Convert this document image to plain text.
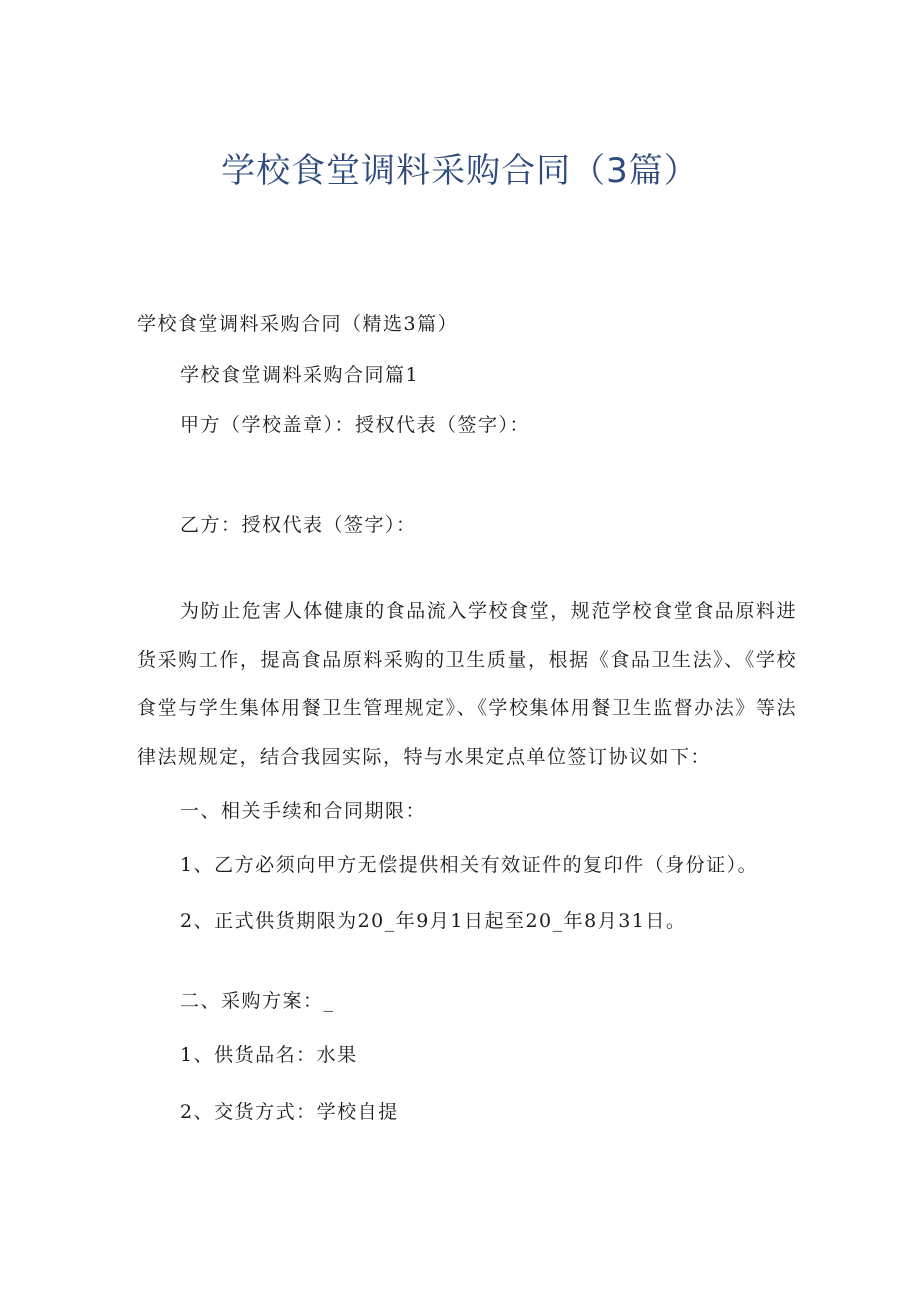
学校食堂调料采购合同（3篇）

学校食堂调料采购合同（精选3篇）

学校食堂调料采购合同篇1

甲方（学校盖章）：授权代表（签字）：

乙方：授权代表（签字）：

为防止危害人体健康的食品流入学校食堂，规范学校食堂食品原料进货采购工作，提高食品原料采购的卫生质量，根据《食品卫生法》、《学校食堂与学生集体用餐卫生管理规定》、《学校集体用餐卫生监督办法》等法律法规规定，结合我园实际，特与水果定点单位签订协议如下：

一、相关手续和合同期限：

1、乙方必须向甲方无偿提供相关有效证件的复印件（身份证）。

2、正式供货期限为20_年9月1日起至20_年8月31日。

二、采购方案：_

1、供货品名：水果

2、交货方式：学校自提
